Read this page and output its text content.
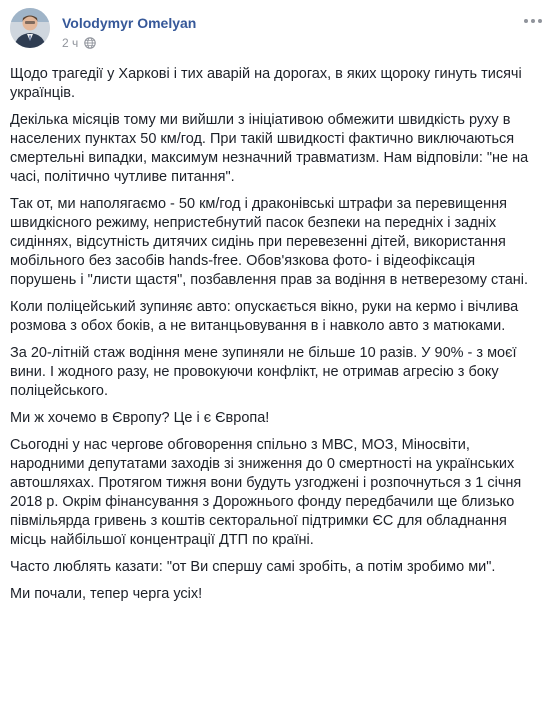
Volodymyr Omelyan
2 ч

Щодо трагедії у Харкові і тих аварій на дорогах, в яких щороку гинуть тисячі українців.

Декілька місяців тому ми вийшли з ініціативою обмежити швидкість руху в населених пунктах 50 км/год. При такій швидкості фактично виключаються смертельні випадки, максимум незначний травматизм. Нам відповіли: "не на часі, політично чутливе питання".

Так от, ми наполягаємо - 50 км/год і драконівські штрафи за перевищення швидкісного режиму, непристебнутий пасок безпеки на передніх і задніх сидіннях, відсутність дитячих сидінь при перевезенні дітей, використання мобільного без засобів hands-free. Обов'язкова фото- і відеофіксація порушень і "листи щастя", позбавлення прав за водіння в нетверезому стані.

Коли поліцейський зупиняє авто: опускається вікно, руки на кермо і вічлива розмова з обох боків, а не витанцьовування в і навколо авто з матюками.

За 20-літній стаж водіння мене зупиняли не більше 10 разів. У 90% - з моєї вини. І жодного разу, не провокуючи конфлікт, не отримав агресію з боку поліцейського.

Ми ж хочемо в Європу? Це і є Європа!

Сьогодні у нас чергове обговорення спільно з МВС, МОЗ, Міносвіти, народними депутатами заходів зі зниження до 0 смертності на українських автошляхах. Протягом тижня вони будуть узгоджені і розпочнуться з 1 січня 2018 р. Окрім фінансування з Дорожнього фонду передбачили ще близько півмільярда гривень з коштів секторальної підтримки ЄС для обладнання місць найбільшої концентрації ДТП по країні.

Часто люблять казати: "от Ви спершу самі зробіть, а потім зробимо ми".

Ми почали, тепер черга усіх!
